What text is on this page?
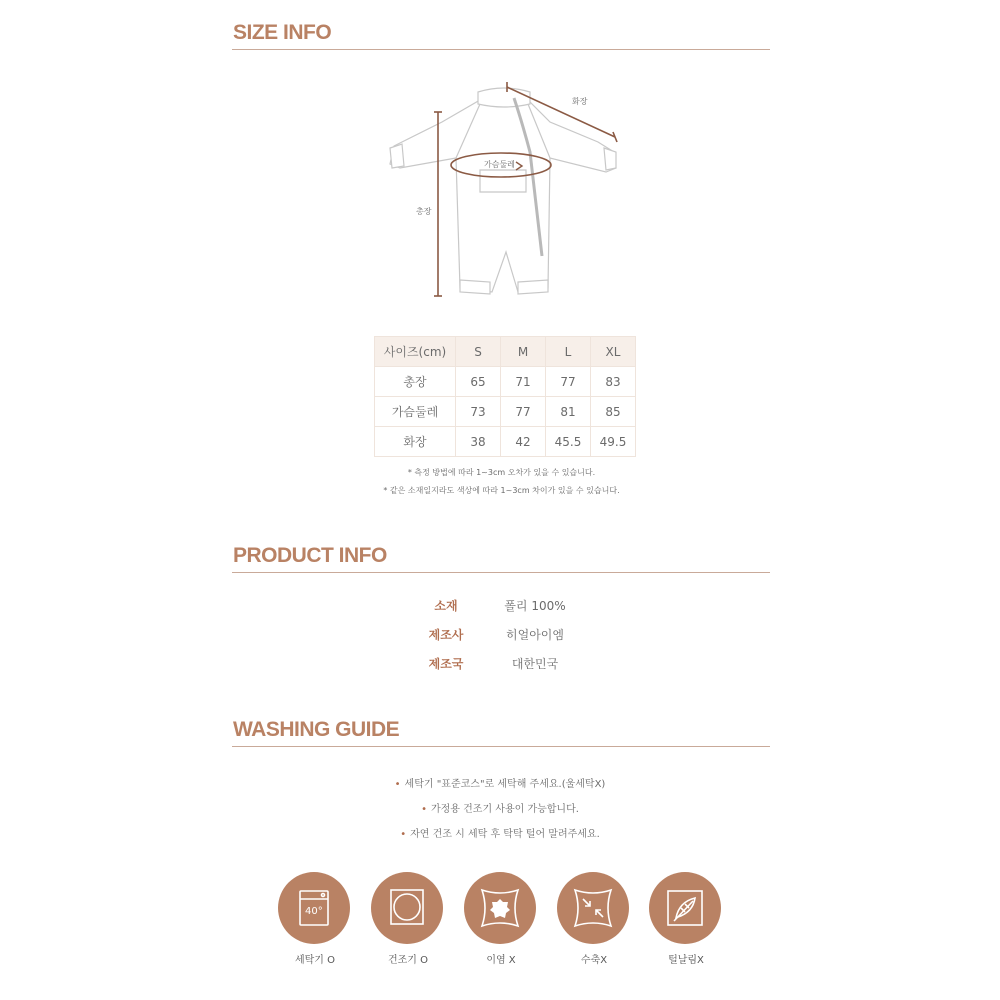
SIZE INFO
화장
가슴둘레
총장
사이즈(cm)	S	M	L	XL
총장	65	71	77	83
가슴둘레	73	77	81	85
화장	38	42	45.5	49.5
* 측정 방법에 따라 1~3cm 오차가 있을 수 있습니다.
* 같은 소재일지라도 색상에 따라 1~3cm 차이가 있을 수 있습니다.
PRODUCT INFO
소재	폴리 100%
제조사	히얼아이엠
제조국	대한민국
WASHING GUIDE
• 세탁기 "표준코스"로 세탁해 주세요.(울세탁X)
• 가정용 건조기 사용이 가능합니다.
• 자연 건조 시 세탁 후 탁탁 털어 말려주세요.
40°
세탁기 O	건조기 O	이염 X	수축X	털날림X
